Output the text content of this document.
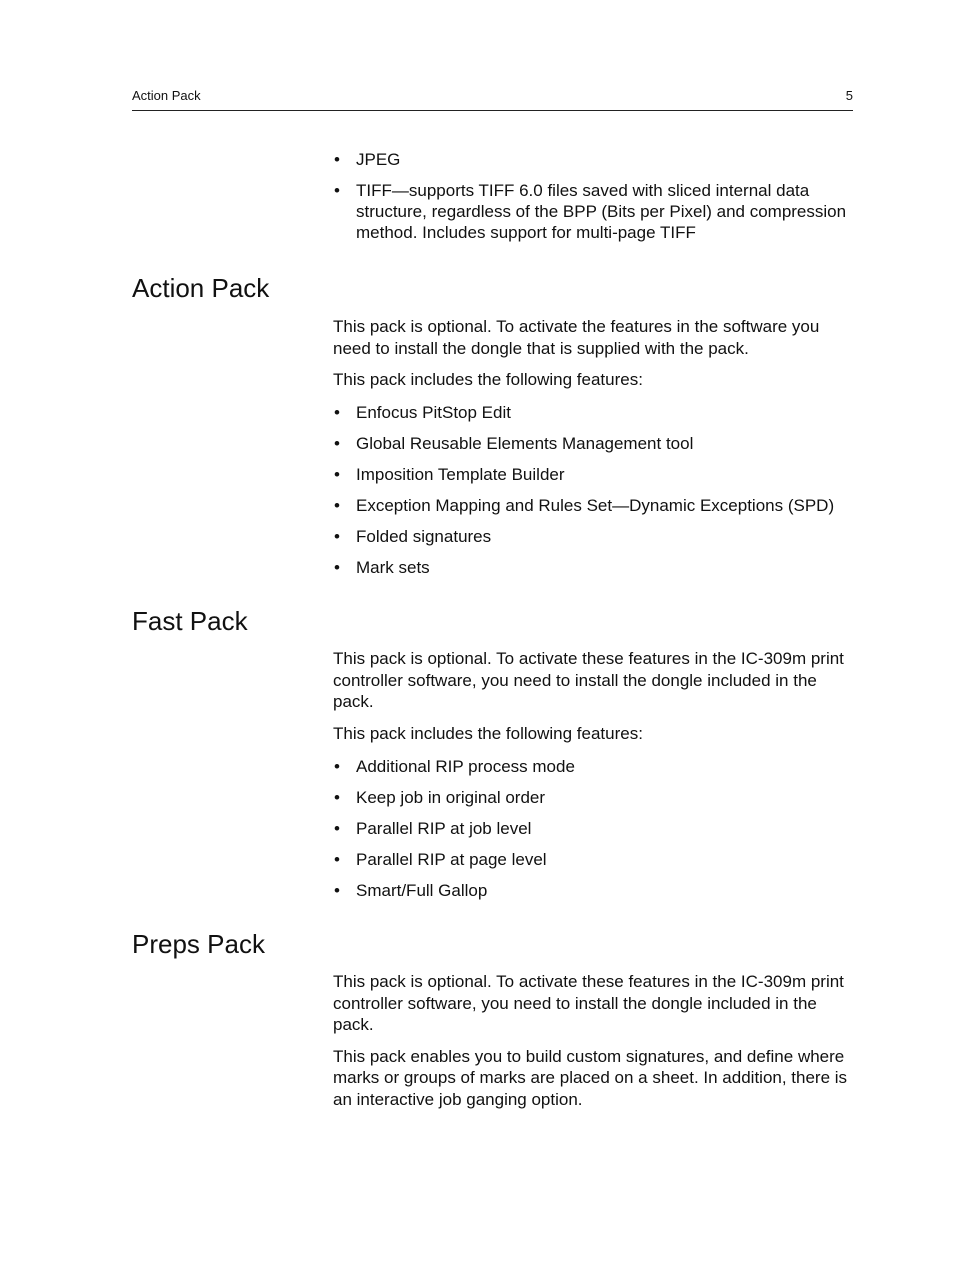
Action Pack	5
• JPEG
• TIFF—supports TIFF 6.0 files saved with sliced internal data structure, regardless of the BPP (Bits per Pixel) and compression method. Includes support for multi-page TIFF
Action Pack

This pack is optional. To activate the features in the software you need to install the dongle that is supplied with the pack.

This pack includes the following features:

• Enfocus PitStop Edit
• Global Reusable Elements Management tool
• Imposition Template Builder
• Exception Mapping and Rules Set—Dynamic Exceptions (SPD)
• Folded signatures
• Mark sets
Fast Pack

This pack is optional. To activate these features in the IC-309m print controller software, you need to install the dongle included in the pack.

This pack includes the following features:

• Additional RIP process mode
• Keep job in original order
• Parallel RIP at job level
• Parallel RIP at page level
• Smart/Full Gallop
Preps Pack

This pack is optional. To activate these features in the IC-309m print controller software, you need to install the dongle included in the pack.

This pack enables you to build custom signatures, and define where marks or groups of marks are placed on a sheet. In addition, there is an interactive job ganging option.
